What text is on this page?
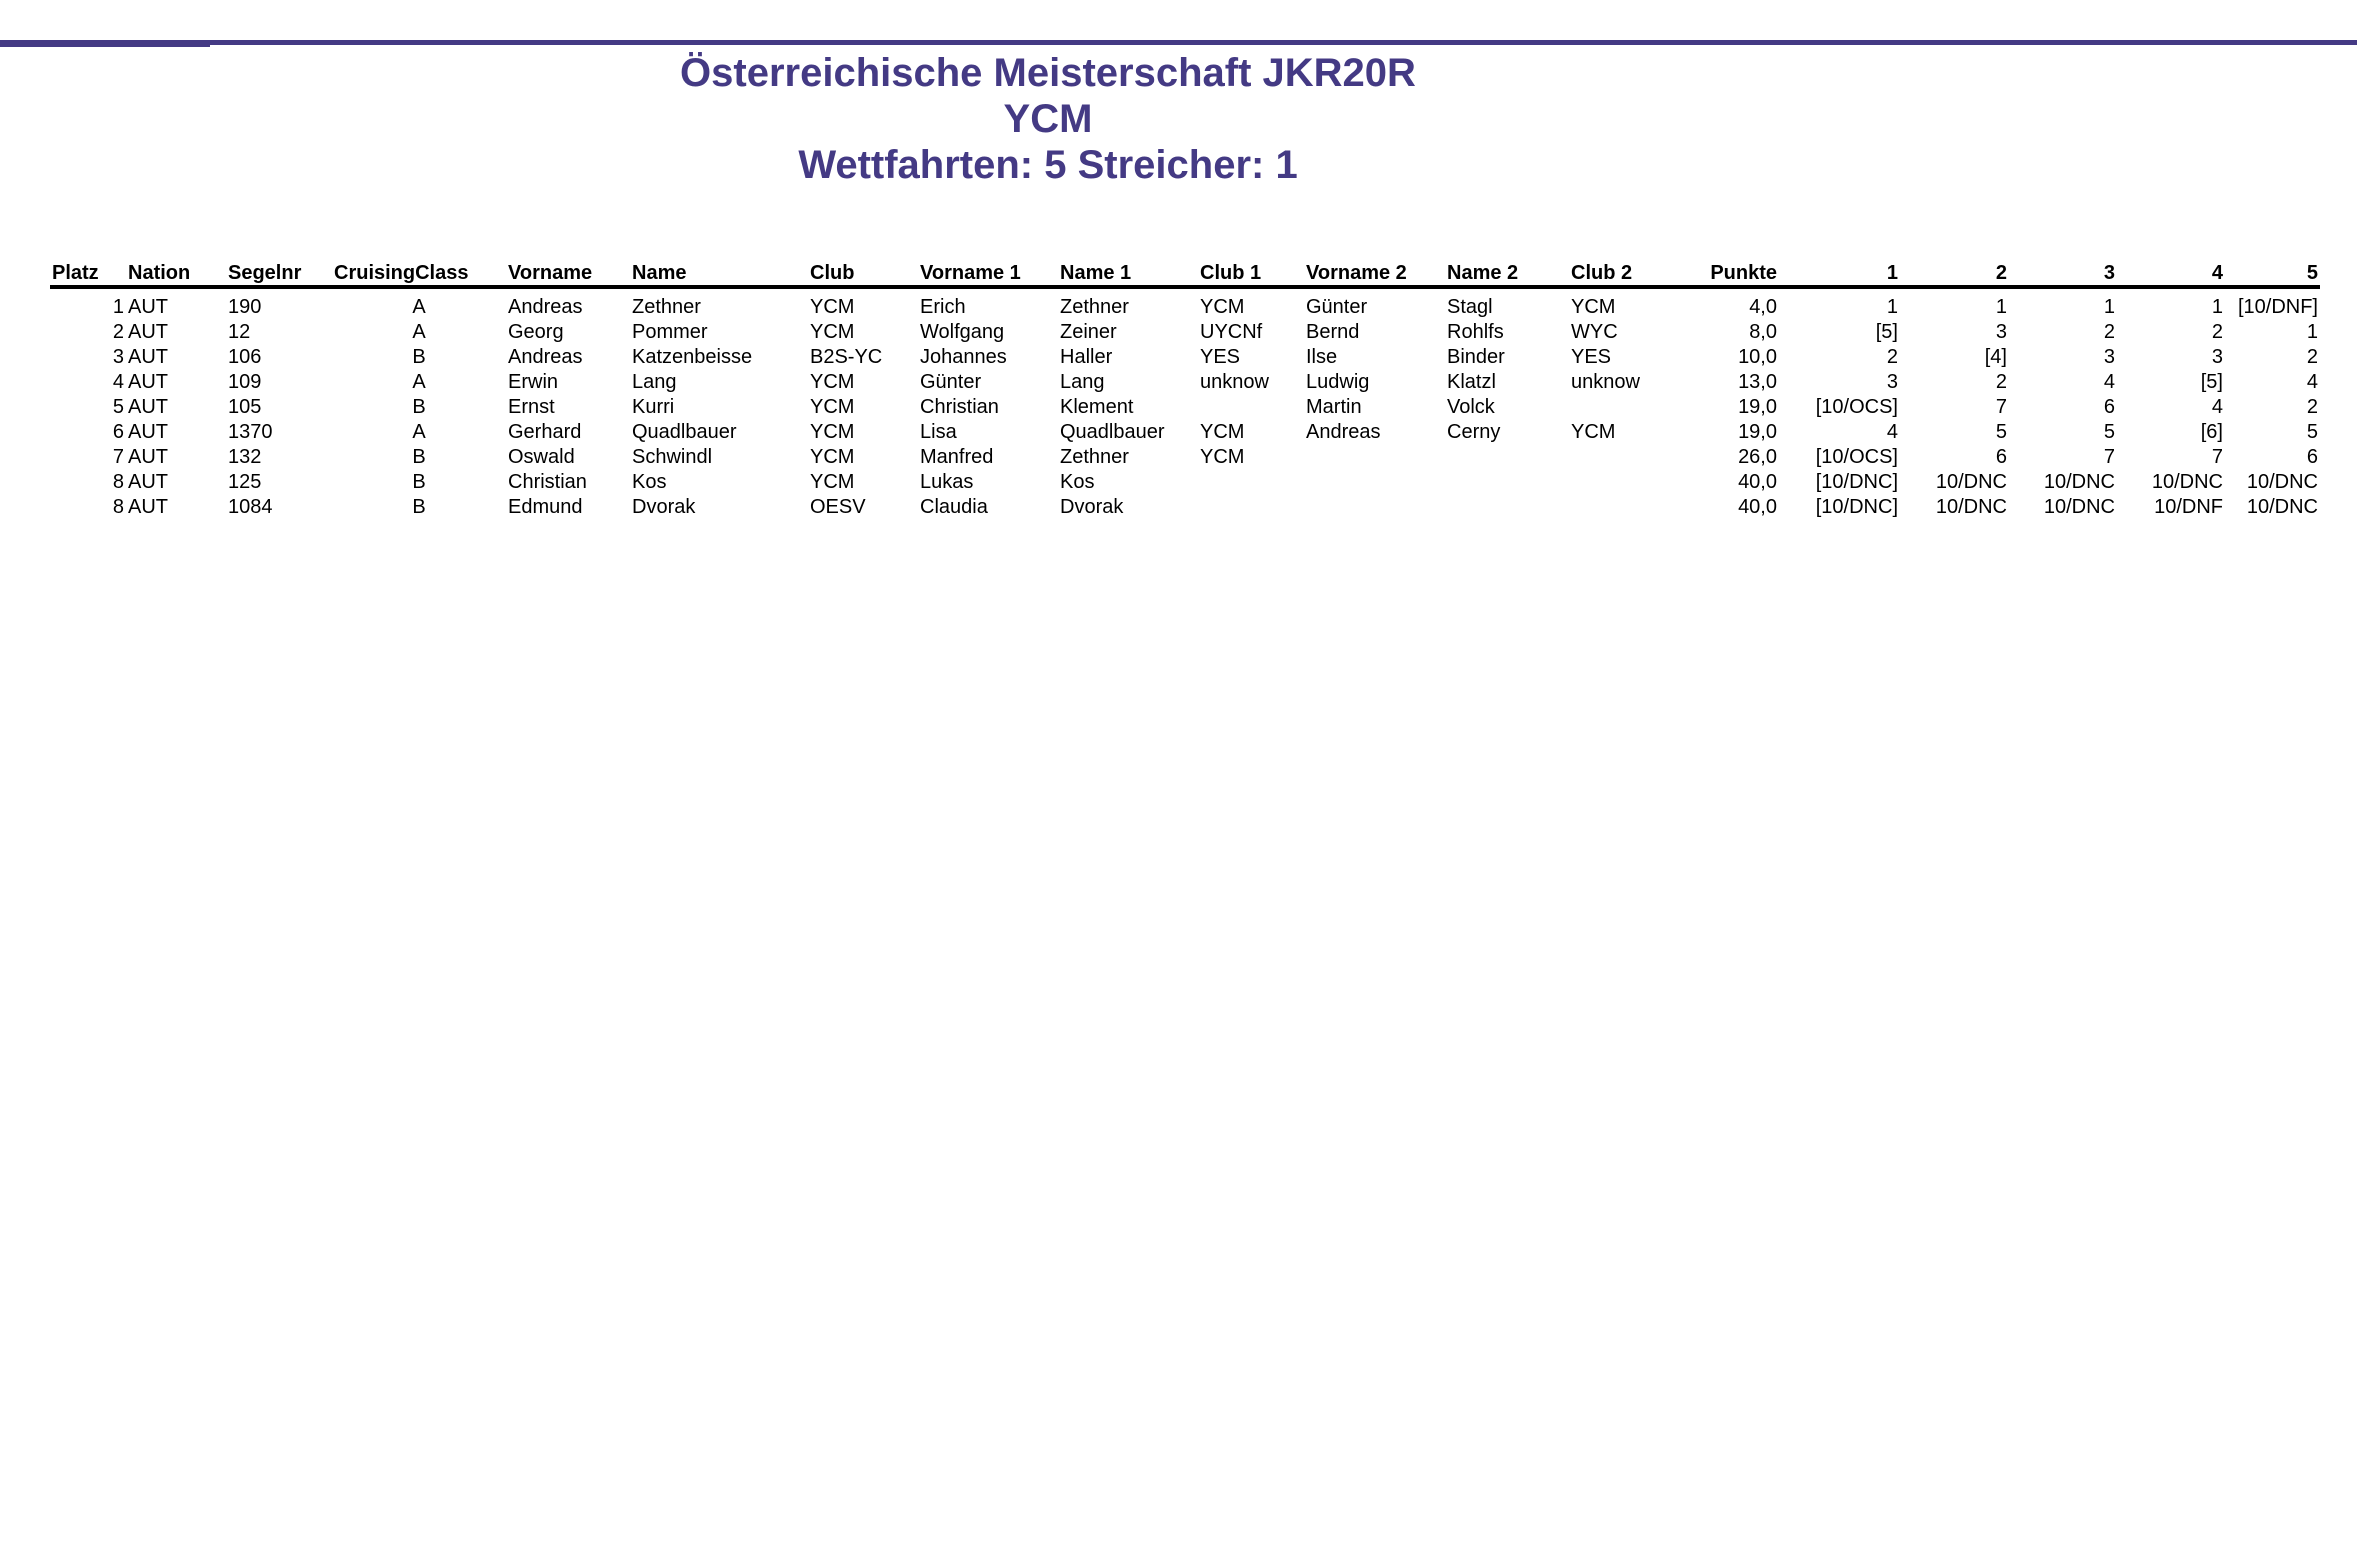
Österreichische Meisterschaft JKR20R
YCM
Wettfahrten: 5 Streicher: 1
Platz	Nation	Segelnr	CruisingClass	Vorname	Name	Club	Vorname 1	Name 1	Club 1	Vorname 2	Name 2	Club 2	Punkte	1	2	3	4	5
1	AUT	190	A	Andreas	Zethner	YCM	Erich	Zethner	YCM	Günter	Stagl	YCM	4,0	1	1	1	1	[10/DNF]
2	AUT	12	A	Georg	Pommer	YCM	Wolfgang	Zeiner	UYCNf	Bernd	Rohlfs	WYC	8,0	[5]	3	2	2	1
3	AUT	106	B	Andreas	Katzenbeisse	B2S-YC	Johannes	Haller	YES	Ilse	Binder	YES	10,0	2	[4]	3	3	2
4	AUT	109	A	Erwin	Lang	YCM	Günter	Lang	unknow	Ludwig	Klatzl	unknow	13,0	3	2	4	[5]	4
5	AUT	105	B	Ernst	Kurri	YCM	Christian	Klement		Martin	Volck		19,0	[10/OCS]	7	6	4	2
6	AUT	1370	A	Gerhard	Quadlbauer	YCM	Lisa	Quadlbauer	YCM	Andreas	Cerny	YCM	19,0	4	5	5	[6]	5
7	AUT	132	B	Oswald	Schwindl	YCM	Manfred	Zethner	YCM				26,0	[10/OCS]	6	7	7	6
8	AUT	125	B	Christian	Kos	YCM	Lukas	Kos					40,0	[10/DNC]	10/DNC	10/DNC	10/DNC	10/DNC
8	AUT	1084	B	Edmund	Dvorak	OESV	Claudia	Dvorak					40,0	[10/DNC]	10/DNC	10/DNC	10/DNF	10/DNC
